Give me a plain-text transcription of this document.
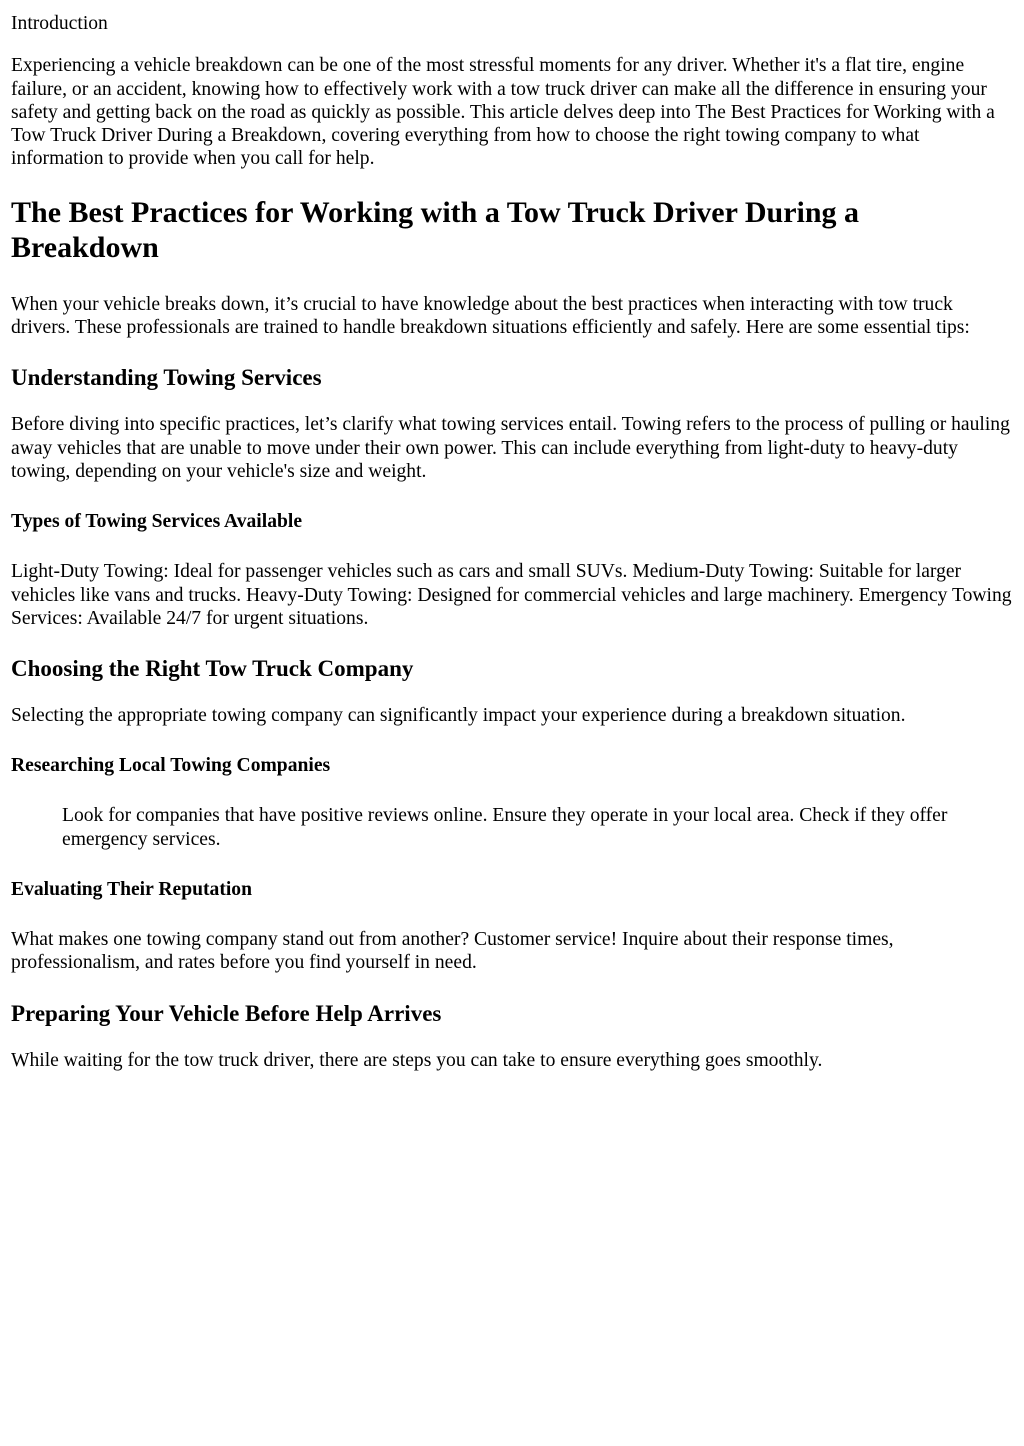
Introduction

Experiencing a vehicle breakdown can be one of the most stressful moments for any driver. Whether it's a flat tire, engine failure, or an accident, knowing how to effectively work with a tow truck driver can make all the difference in ensuring your safety and getting back on the road as quickly as possible. This article delves deep into The Best Practices for Working with a Tow Truck Driver During a Breakdown, covering everything from how to choose the right towing company to what information to provide when you call for help.

The Best Practices for Working with a Tow Truck Driver During a Breakdown

When your vehicle breaks down, it’s crucial to have knowledge about the best practices when interacting with tow truck drivers. These professionals are trained to handle breakdown situations efficiently and safely. Here are some essential tips:

Understanding Towing Services

Before diving into specific practices, let’s clarify what towing services entail. Towing refers to the process of pulling or hauling away vehicles that are unable to move under their own power. This can include everything from light-duty to heavy-duty towing, depending on your vehicle's size and weight.

Types of Towing Services Available

Light-Duty Towing: Ideal for passenger vehicles such as cars and small SUVs. Medium-Duty Towing: Suitable for larger vehicles like vans and trucks. Heavy-Duty Towing: Designed for commercial vehicles and large machinery. Emergency Towing Services: Available 24/7 for urgent situations.

Choosing the Right Tow Truck Company

Selecting the appropriate towing company can significantly impact your experience during a breakdown situation.

Researching Local Towing Companies

Look for companies that have positive reviews online. Ensure they operate in your local area. Check if they offer emergency services.

Evaluating Their Reputation

What makes one towing company stand out from another? Customer service! Inquire about their response times, professionalism, and rates before you find yourself in need.

Preparing Your Vehicle Before Help Arrives

While waiting for the tow truck driver, there are steps you can take to ensure everything goes smoothly.
